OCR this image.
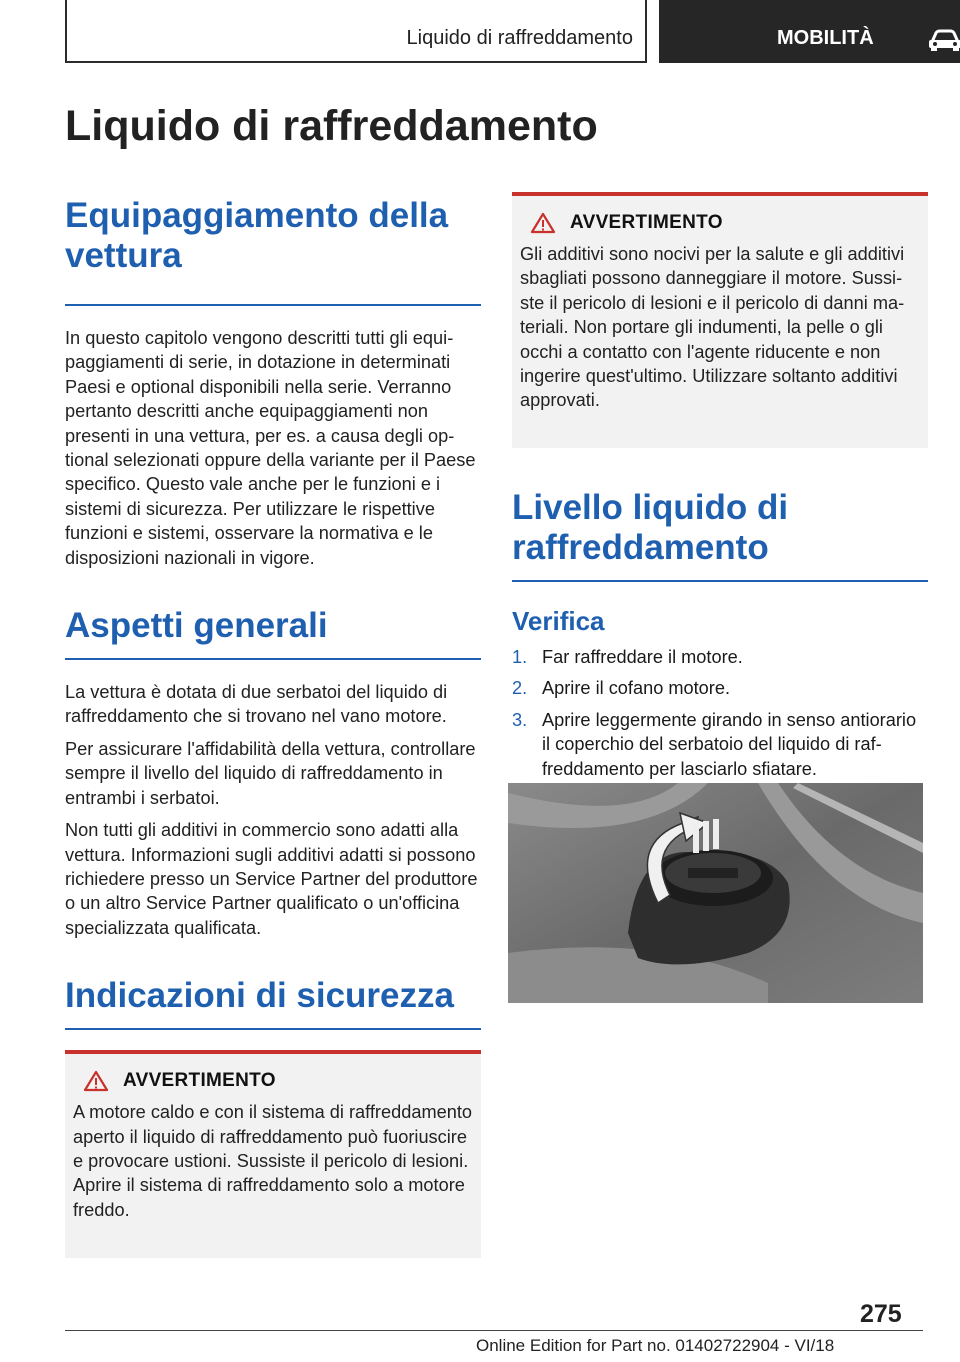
Liquido di raffreddamento	MOBILITÀ
Liquido di raffreddamento
Equipaggiamento della vettura

In questo capitolo vengono descritti tutti gli equipaggiamenti di serie, in dotazione in determinati Paesi e optional disponibili nella serie. Verranno pertanto descritti anche equipaggiamenti non presenti in una vettura, per es. a causa degli optional selezionati oppure della variante per il Paese specifico. Questo vale anche per le funzioni e i sistemi di sicurezza. Per utilizzare le rispettive funzioni e sistemi, osservare la normativa e le disposizioni nazionali in vigore.

Aspetti generali

La vettura è dotata di due serbatoi del liquido di raffreddamento che si trovano nel vano motore.

Per assicurare l'affidabilità della vettura, controllare sempre il livello del liquido di raffreddamento in entrambi i serbatoi.

Non tutti gli additivi in commercio sono adatti alla vettura. Informazioni sugli additivi adatti si possono richiedere presso un Service Partner del produttore o un altro Service Partner qualificato o un'officina specializzata qualificata.

Indicazioni di sicurezza
AVVERTIMENTO

A motore caldo e con il sistema di raffreddamento aperto il liquido di raffreddamento può fuoriuscire e provocare ustioni. Sussiste il pericolo di lesioni. Aprire il sistema di raffreddamento solo a motore freddo.

AVVERTIMENTO

Gli additivi sono nocivi per la salute e gli additivi sbagliati possono danneggiare il motore. Sussiste il pericolo di lesioni e il pericolo di danni materiali. Non portare gli indumenti, la pelle o gli occhi a contatto con l'agente riducente e non ingerire quest'ultimo. Utilizzare soltanto additivi approvati.

Livello liquido di raffreddamento
Verifica
1. Far raffreddare il motore.
2. Aprire il cofano motore.
3. Aprire leggermente girando in senso antiorario il coperchio del serbatoio del liquido di raffreddamento per lasciarlo sfiatare.
275
Online Edition for Part no. 01402722904 - VI/18
